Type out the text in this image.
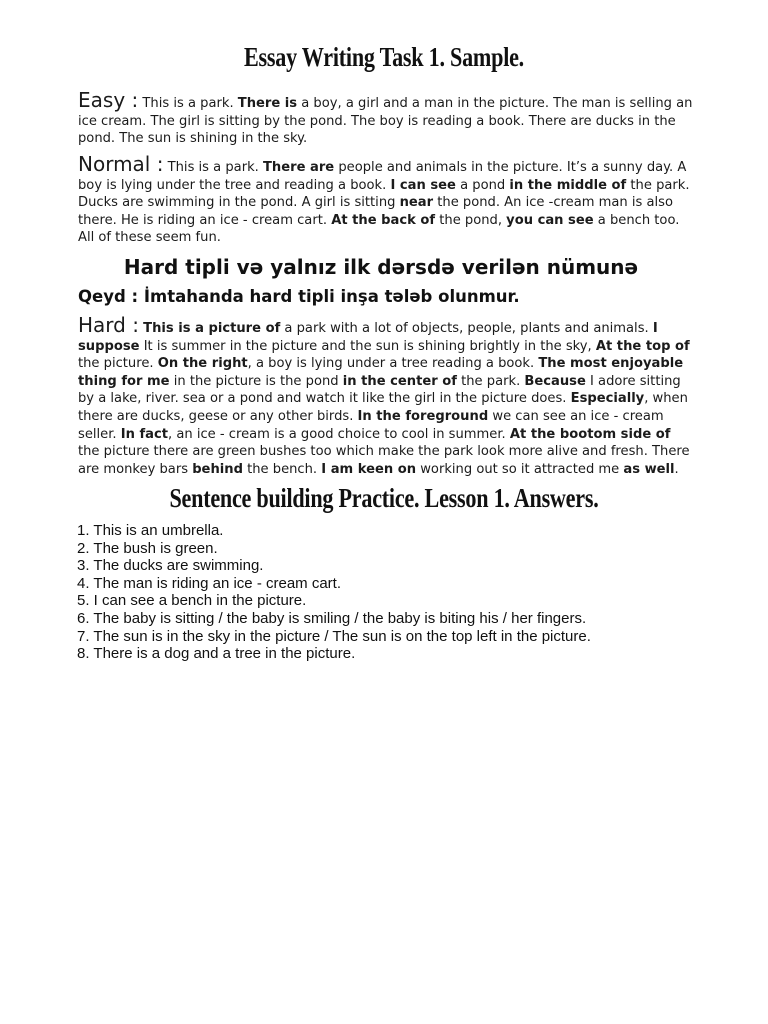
Essay Writing Task 1. Sample.
Easy : This is a park. There is a boy, a girl and a man in the picture. The man is selling an ice cream. The girl is sitting by the pond. The boy is reading a book. There are ducks in the pond. The sun is shining in the sky.
Normal : This is a park. There are people and animals in the picture. It’s a sunny day. A boy is lying under the tree and reading a book. I can see a pond in the middle of the park. Ducks are swimming in the pond. A girl is sitting near the pond. An ice -cream man is also there. He is riding an ice - cream cart. At the back of the pond, you can see a bench too. All of these seem fun.
Hard tipli və yalnız ilk dərsdə verilən nümunə
Qeyd : İmtahanda hard tipli inşa tələb olunmur.
Hard : This is a picture of a park with a lot of objects, people, plants and animals. I suppose It is summer in the picture and the sun is shining brightly in the sky, At the top of the picture. On the right, a boy is lying under a tree reading a book. The most enjoyable thing for me in the picture is the pond in the center of the park. Because I adore sitting by a lake, river. sea or a pond and watch it like the girl in the picture does. Especially, when there are ducks, geese or any other birds. In the foreground we can see an ice - cream seller. In fact, an ice - cream is a good choice to cool in summer. At the bootom side of the picture there are green bushes too which make the park look more alive and fresh. There are monkey bars behind the bench. I am keen on working out so it attracted me as well.
Sentence building Practice. Lesson 1. Answers.
1. This is an umbrella.
2. The bush is green.
3. The ducks are swimming.
4. The man is riding an ice - cream cart.
5. I can see a bench in the picture.
6. The baby is sitting / the baby is smiling / the baby is biting his / her fingers.
7. The sun is in the sky in the picture / The sun is on the top left in the picture.
8. There is a dog and a tree in the picture.
